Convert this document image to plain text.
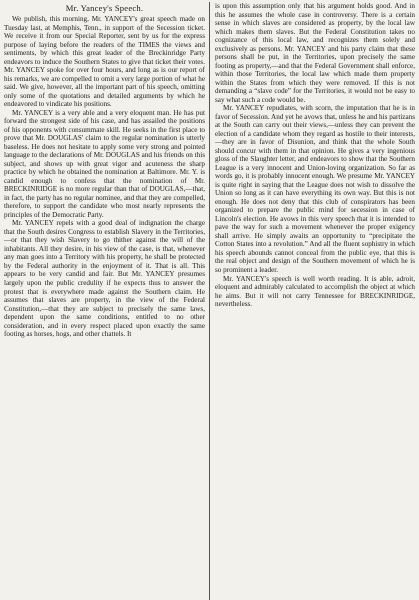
Mr. Yancey's Speech.

We publish, this morning, Mr. YANCEY's great speech made on Tuesday last, at Memphis, Tenn., in support of the Secession ticket. We receive it from our Special Reporter, sent by us for the express purpose of laying before the readers of the TIMES the views and sentiments, by which this great leader of the Breckinridge Party endeavors to induce the Southern States to give that ticket their votes. Mr. YANCEY spoke for over four hours, and long as is our report of his remarks, we are compelled to omit a very large portion of what he said. We give, however, all the important part of his speech, omitting only some of the quotations and detailed arguments by which he endeavored to vindicate his positions.

Mr. YANCEY is a very able and a very eloquent man. He has put forward the strongest side of his case, and has assailed the positions of his opponents with consummate skill. He seeks in the first place to prove that Mr. DOUGLAS' claim to the regular nomination is utterly baseless. He does not hesitate to apply some very strong and pointed language to the declarations of Mr. DOUGLAS and his friends on this subject, and shows up with great vigor and acuteness the sharp practice by which he obtained the nomination at Baltimore. Mr. Y. is candid enough to confess that the nomination of Mr. BRECKINRIDGE is no more regular than that of DOUGLAS,—that, in fact, the party has no regular nominee, and that they are compelled, therefore, to support the candidate who most nearly represents the principles of the Democratic Party.

Mr. YANCEY repels with a good deal of indignation the charge that the South desires Congress to establish Slavery in the Territories,—or that they wish Slavery to go thither against the will of the inhabitants. All they desire, in his view of the case, is that, whenever any man goes into a Territory with his property, he shall be protected by the Federal authority in the enjoyment of it. That is all. This appears to be very candid and fair. But Mr. YANCEY presumes largely upon the public credulity if he expects thus to answer the protest that is everywhere made against the Southern claim. He assumes that slaves are property, in the view of the Federal Constitution,—that they are subject to precisely the same laws, dependent upon the same conditions, entitled to no other consideration, and in every respect placed upon exactly the same footing as horses, hogs, and other chattels. It

is upon this assumption only that his argument holds good. And in this he assumes the whole case in controversy. There is a certain sense in which slaves are considered as property, by the local law which makes them slaves. But the Federal Constitution takes no cognizance of this local law, and recognizes them solely and exclusively as persons. Mr. YANCEY and his party claim that these persons shall be put, in the Territories, upon precisely the same footing as property,—and that the Federal Government shall enforce, within those Territories, the local law which made them property within the States from which they were removed. If this is not demanding a “slave code” for the Territories, it would not be easy to say what such a code would be.

Mr. YANCEY repudiates, with scorn, the imputation that he is in favor of Secession. And yet he avows that, unless he and his partizans at the South can carry out their views,—unless they can prevent the election of a candidate whom they regard as hostile to their interests,—they are in favor of Disunion, and think that the whole South should concur with them in that opinion. He gives a very ingenious gloss of the Slaughter letter, and endeavors to show that the Southern League is a very innocent and Union-loving organization. So far as words go, it is probably innocent enough. We presume Mr. YANCEY is quite right in saying that the League does not wish to dissolve the Union so long as it can have everything its own way. But this is not enough. He does not deny that this club of conspirators has been organized to prepare the public mind for secession in case of Lincoln's election. He avows in this very speech that it is intended to pave the way for such a movement whenever the proper exigency shall arrive. He simply awaits an opportunity to “precipitate the Cotton States into a revolution.” And all the fluent sophistry in which his speech abounds cannot conceal from the public eye, that this is the real object and design of the Southern movement of which he is so prominent a leader.

Mr. YANCEY's speech is well worth reading. It is able, adroit, eloquent and admirably calculated to accomplish the object at which he aims. But it will not carry Tennessee for BRECKINRIDGE, nevertheless.
